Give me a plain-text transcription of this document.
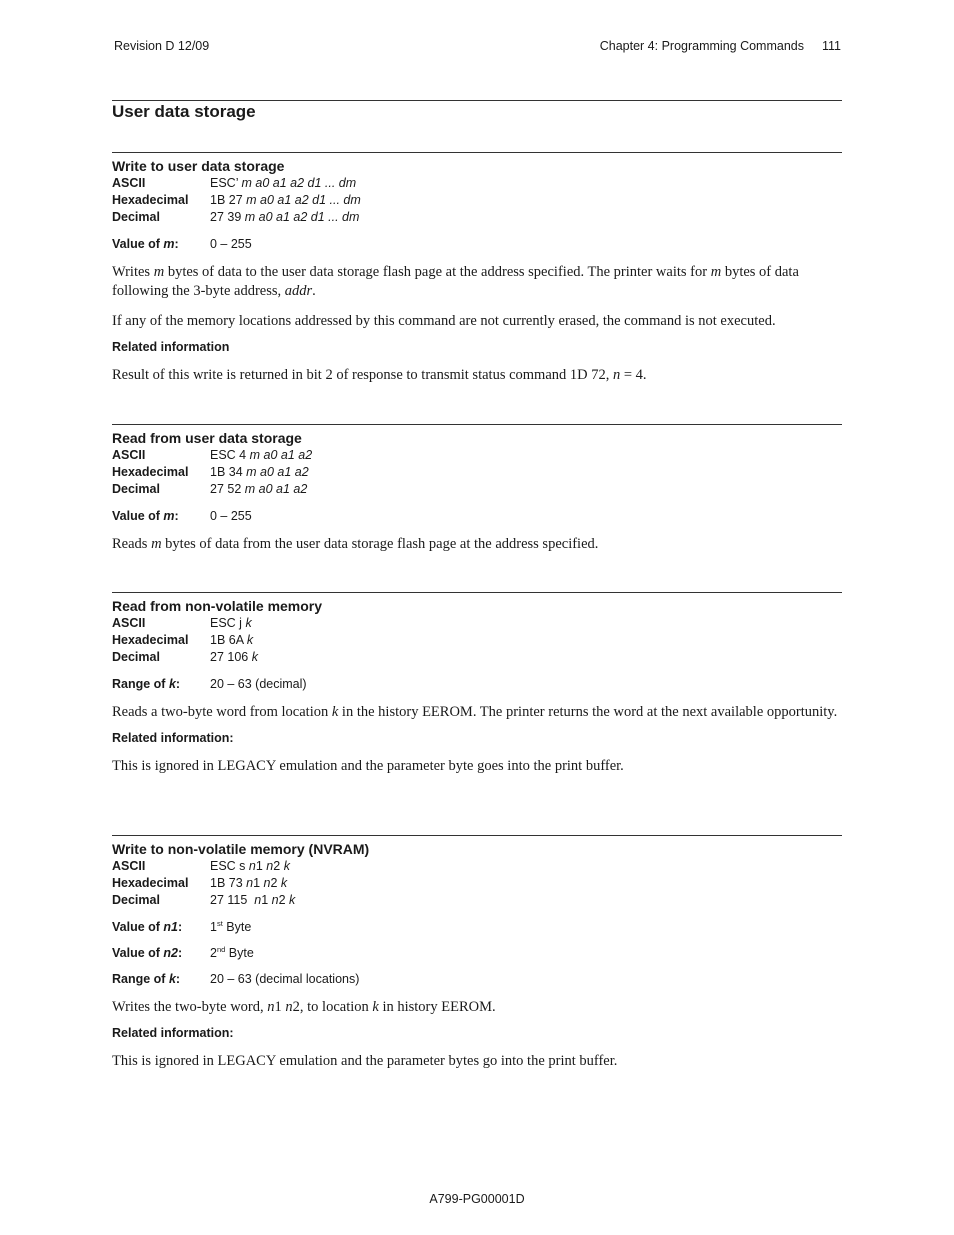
Revision D 12/09	Chapter 4: Programming Commands 111
User data storage
Write to user data storage
ASCII	ESC’ m a0 a1 a2 d1 ... dm
Hexadecimal	1B 27 m a0 a1 a2 d1 ... dm
Decimal	27 39 m a0 a1 a2 d1 ... dm
Value of m:	0 – 255
Writes m bytes of data to the user data storage flash page at the address specified. The printer waits for m bytes of data following the 3-byte address, addr.
If any of the memory locations addressed by this command are not currently erased, the command is not executed.
Related information
Result of this write is returned in bit 2 of response to transmit status command 1D 72, n = 4.
Read from user data storage
ASCII	ESC 4 m a0 a1 a2
Hexadecimal	1B 34 m a0 a1 a2
Decimal	27 52 m a0 a1 a2
Value of m:	0 – 255
Reads m bytes of data from the user data storage flash page at the address specified.
Read from non-volatile memory
ASCII	ESC j k
Hexadecimal	1B 6A k
Decimal	27 106 k
Range of k:	20 – 63 (decimal)
Reads a two-byte word from location k in the history EEROM. The printer returns the word at the next available opportunity.
Related information:
This is ignored in LEGACY emulation and the parameter byte goes into the print buffer.
Write to non-volatile memory (NVRAM)
ASCII	ESC s n1 n2 k
Hexadecimal	1B 73 n1 n2 k
Decimal	27 115  n1 n2 k
Value of n1:	1st Byte
Value of n2:	2nd Byte
Range of k:	20 – 63 (decimal locations)
Writes the two-byte word, n1 n2, to location k in history EEROM.
Related information:
This is ignored in LEGACY emulation and the parameter bytes go into the print buffer.
A799-PG00001D
